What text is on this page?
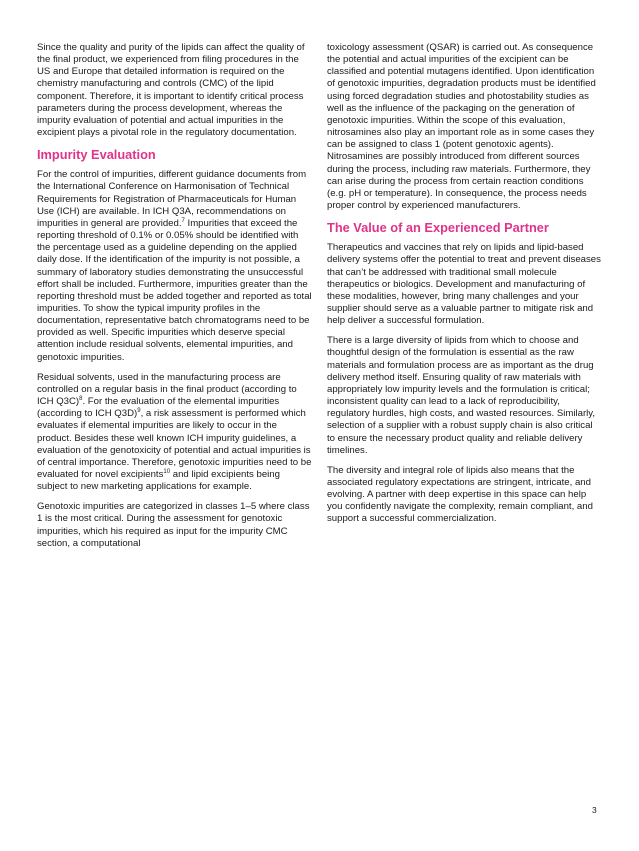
Since the quality and purity of the lipids can affect the quality of the final product, we experienced from filing procedures in the US and Europe that detailed information is required on the chemistry manufacturing and controls (CMC) of the lipid component. Therefore, it is important to identify critical process parameters during the process development, whereas the impurity evaluation of potential and actual impurities in the excipient plays a pivotal role in the regulatory documentation.

Impurity Evaluation

For the control of impurities, different guidance documents from the International Conference on Harmonisation of Technical Requirements for Registration of Pharmaceuticals for Human Use (ICH) are available. In ICH Q3A, recommendations on impurities in general are provided.$^7$ Impurities that exceed the reporting threshold of 0.1% or 0.05% should be identified with the percentage used as a guideline depending on the applied daily dose. If the identification of the impurity is not possible, a summary of laboratory studies demonstrating the unsuccessful effort shall be included. Furthermore, impurities greater than the reporting threshold must be added together and reported as total impurities. To show the typical impurity profiles in the documentation, representative batch chromatograms need to be provided as well. Specific impurities which deserve special attention include residual solvents, elemental impurities, and genotoxic impurities.

Residual solvents, used in the manufacturing process are controlled on a regular basis in the final product (according to ICH Q3C)$^8$. For the evaluation of the elemental impurities (according to ICH Q3D)$^9$, a risk assessment is performed which evaluates if elemental impurities are likely to occur in the product. Besides these well known ICH impurity guidelines, a evaluation of the genotoxicity of potential and actual impurities is of central importance. Therefore, genotoxic impurities need to be evaluated for novel excipients$^{10}$ and lipid excipients being subject to new marketing applications for example.

Genotoxic impurities are categorized in classes 1–5 where class 1 is the most critical. During the assessment for genotoxic impurities, which his required as input for the impurity CMC section, a computational

toxicology assessment (QSAR) is carried out. As consequence the potential and actual impurities of the excipient can be classified and potential mutagens identified. Upon identification of genotoxic impurities, degradation products must be identified using forced degradation studies and photostability studies as well as the influence of the packaging on the generation of genotoxic impurities. Within the scope of this evaluation, nitrosamines also play an important role as in some cases they can be assigned to class 1 (potent genotoxic agents). Nitrosamines are possibly introduced from different sources during the process, including raw materials. Furthermore, they can arise during the process from certain reaction conditions (e.g. pH or temperature). In consequence, the process needs proper control by experienced manufacturers.

The Value of an Experienced Partner

Therapeutics and vaccines that rely on lipids and lipid-based delivery systems offer the potential to treat and prevent diseases that can’t be addressed with traditional small molecule therapeutics or biologics. Development and manufacturing of these modalities, however, bring many challenges and your supplier should serve as a valuable partner to mitigate risk and help deliver a successful formulation.

There is a large diversity of lipids from which to choose and thoughtful design of the formulation is essential as the raw materials and formulation process are as important as the drug delivery method itself. Ensuring quality of raw materials with appropriately low impurity levels and the formulation is critical; inconsistent quality can lead to a lack of reproducibility, regulatory hurdles, high costs, and wasted resources. Similarly, selection of a supplier with a robust supply chain is also critical to ensure the necessary product quality and reliable delivery timelines.

The diversity and integral role of lipids also means that the associated regulatory expectations are stringent, intricate, and evolving. A partner with deep expertise in this space can help you confidently navigate the complexity, remain compliant, and support a successful commercialization.

3
